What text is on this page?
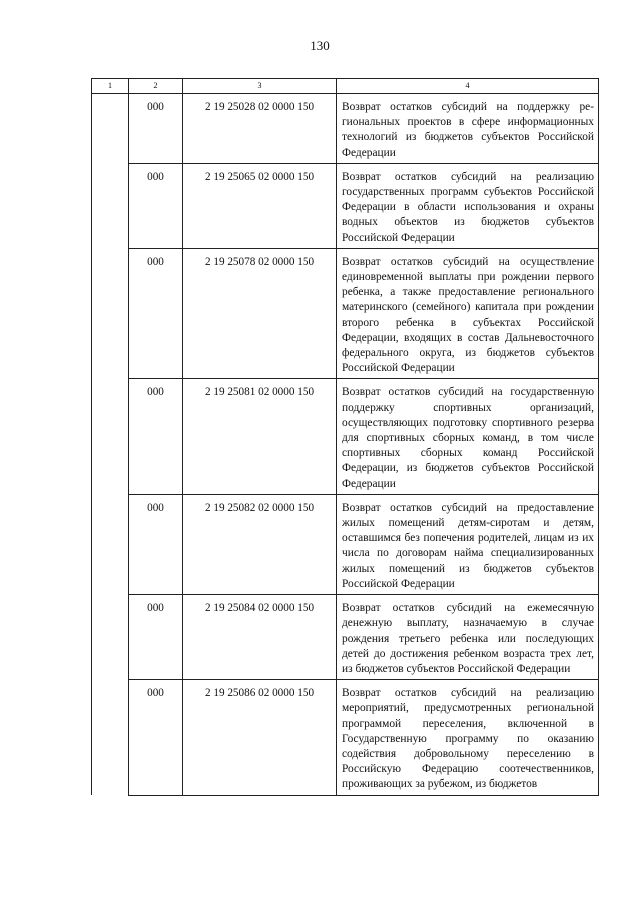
130
1	2	3	4
	000	2 19 25028 02 0000 150	Возврат остатков субсидий на поддержку региональных проектов в сфере информационных технологий из бюджетов субъектов Российской Федерации
	000	2 19 25065 02 0000 150	Возврат остатков субсидий на реализацию государственных программ субъектов Российской Федерации в области использования и охраны водных объектов из бюджетов субъектов Российской Федерации
	000	2 19 25078 02 0000 150	Возврат остатков субсидий на осуществление единовременной выплаты при рождении первого ребенка, а также предоставление регионального материнского (семейного) капитала при рождении второго ребенка в субъектах Российской Федерации, входящих в состав Дальневосточного федерального округа, из бюджетов субъектов Российской Федерации
	000	2 19 25081 02 0000 150	Возврат остатков субсидий на государственную поддержку спортивных организаций, осуществляющих подготовку спортивного резерва для спортивных сборных команд, в том числе спортивных сборных команд Российской Федерации, из бюджетов субъектов Российской Федерации
	000	2 19 25082 02 0000 150	Возврат остатков субсидий на предоставление жилых помещений детям-сиротам и детям, оставшимся без попечения родителей, лицам из их числа по договорам найма специализированных жилых помещений из бюджетов субъектов Российской Федерации
	000	2 19 25084 02 0000 150	Возврат остатков субсидий на ежемесячную денежную выплату, назначаемую в случае рождения третьего ребенка или последующих детей до достижения ребенком возраста трех лет, из бюджетов субъектов Российской Федерации
	000	2 19 25086 02 0000 150	Возврат остатков субсидий на реализацию мероприятий, предусмотренных региональной программой переселения, включенной в Государственную программу по оказанию содействия добровольному переселению в Российскую Федерацию соотечественников, проживающих за рубежом, из бюджетов
